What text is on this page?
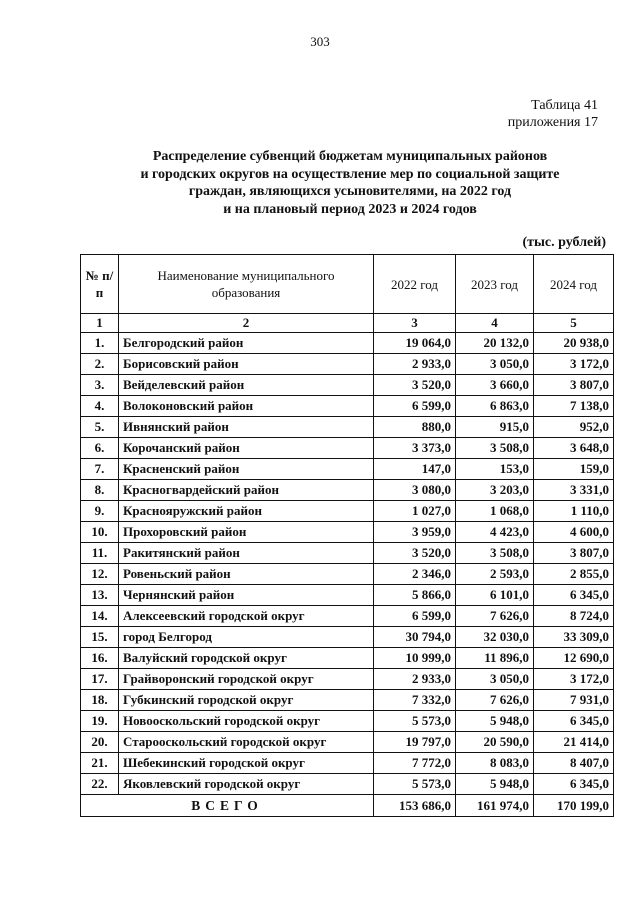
303
Таблица 41
приложения 17
Распределение субвенций бюджетам муниципальных районов
и городских округов на осуществление мер по социальной защите
граждан, являющихся усыновителями, на 2022 год
и на плановый период 2023 и 2024 годов
(тыс. рублей)
№ п/п	Наименование муниципального образования	2022 год	2023 год	2024 год
1	2	3	4	5
1.	Белгородский район	19 064,0	20 132,0	20 938,0
2.	Борисовский район	2 933,0	3 050,0	3 172,0
3.	Вейделевский район	3 520,0	3 660,0	3 807,0
4.	Волоконовский район	6 599,0	6 863,0	7 138,0
5.	Ивнянский район	880,0	915,0	952,0
6.	Корочанский район	3 373,0	3 508,0	3 648,0
7.	Красненский район	147,0	153,0	159,0
8.	Красногвардейский район	3 080,0	3 203,0	3 331,0
9.	Краснояружский район	1 027,0	1 068,0	1 110,0
10.	Прохоровский район	3 959,0	4 423,0	4 600,0
11.	Ракитянский район	3 520,0	3 508,0	3 807,0
12.	Ровеньский район	2 346,0	2 593,0	2 855,0
13.	Чернянский район	5 866,0	6 101,0	6 345,0
14.	Алексеевский городской округ	6 599,0	7 626,0	8 724,0
15.	город Белгород	30 794,0	32 030,0	33 309,0
16.	Валуйский городской округ	10 999,0	11 896,0	12 690,0
17.	Грайворонский городской округ	2 933,0	3 050,0	3 172,0
18.	Губкинский городской округ	7 332,0	7 626,0	7 931,0
19.	Новооскольский городской округ	5 573,0	5 948,0	6 345,0
20.	Старооскольский городской округ	19 797,0	20 590,0	21 414,0
21.	Шебекинский городской округ	7 772,0	8 083,0	8 407,0
22.	Яковлевский городской округ	5 573,0	5 948,0	6 345,0
ВСЕГО		153 686,0	161 974,0	170 199,0
